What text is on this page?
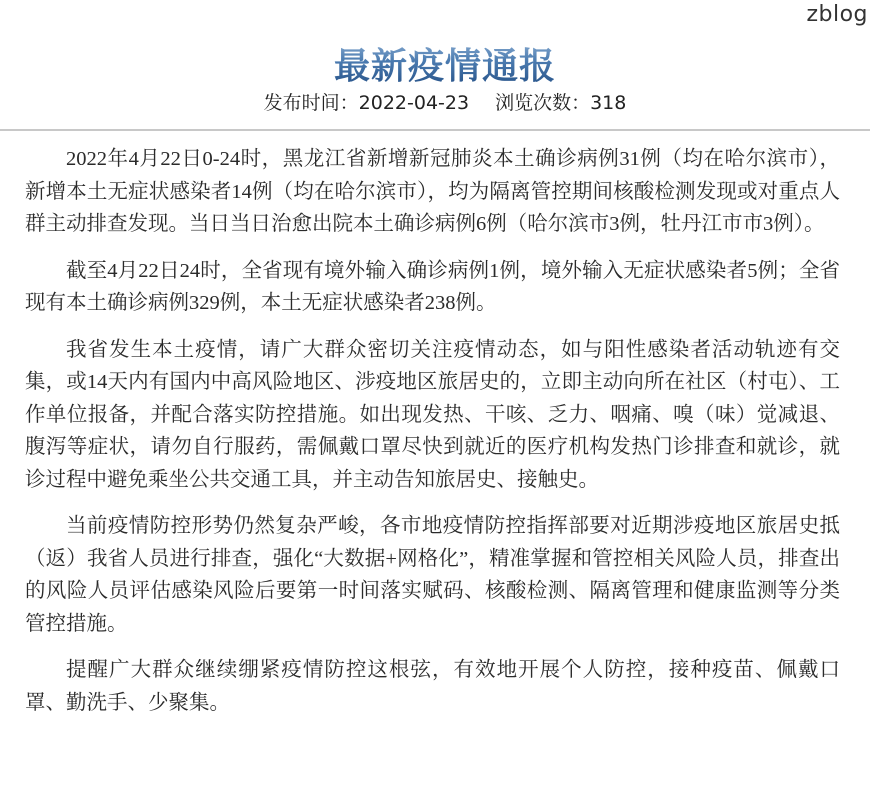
zblog
最新疫情通报
发布时间：2022-04-23 浏览次数：318

2022年4月22日0-24时，黑龙江省新增新冠肺炎本土确诊病例31例（均在哈尔滨市），新增本土无症状感染者14例（均在哈尔滨市），均为隔离管控期间核酸检测发现或对重点人群主动排查发现。当日当日治愈出院本土确诊病例6例（哈尔滨市3例，牡丹江市市3例）。

截至4月22日24时，全省现有境外输入确诊病例1例，境外输入无症状感染者5例；全省现有本土确诊病例329例，本土无症状感染者238例。

我省发生本土疫情，请广大群众密切关注疫情动态，如与阳性感染者活动轨迹有交集，或14天内有国内中高风险地区、涉疫地区旅居史的，立即主动向所在社区（村屯）、工作单位报备，并配合落实防控措施。如出现发热、干咳、乏力、咽痛、嗅（味）觉减退、腹泻等症状，请勿自行服药，需佩戴口罩尽快到就近的医疗机构发热门诊排查和就诊，就诊过程中避免乘坐公共交通工具，并主动告知旅居史、接触史。

当前疫情防控形势仍然复杂严峻，各市地疫情防控指挥部要对近期涉疫地区旅居史抵（返）我省人员进行排查，强化“大数据+网格化”，精准掌握和管控相关风险人员，排查出的风险人员评估感染风险后要第一时间落实赋码、核酸检测、隔离管理和健康监测等分类管控措施。

提醒广大群众继续绷紧疫情防控这根弦，有效地开展个人防控，接种疫苗、佩戴口罩、勤洗手、少聚集。
